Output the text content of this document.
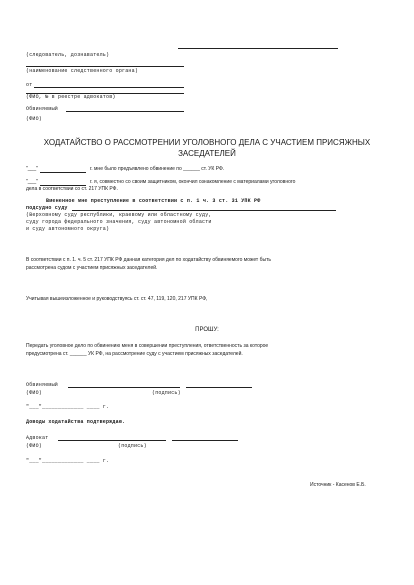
(следователь, дознаватель)
(наименование следственного органа)
от
(ФИО, № в реестре адвокатов)
Обвиняемый
(ФИО)
ХОДАТАЙСТВО О РАССМОТРЕНИИ УГОЛОВНОГО ДЕЛА С УЧАСТИЕМ ПРИСЯЖНЫХ
ЗАСЕДАТЕЛЕЙ
"___"	г. мне было предъявлено обвинение по ______ ст. УК РФ.
"___"	г. я, совместно со своим защитником, окончил ознакомление с материалами уголовного
дела в соответствии со ст. 217 УПК РФ.
Вмененное мне преступление в соответствии с п. 1 ч. 3 ст. 31 УПК РФ
подсудно суду
(Верховному суду республики, краевому или областному суду,
суду города федерального значения, суду автономной области
и суду автономного округа)
В соответствии с п. 1. ч. 5 ст. 217 УПК РФ данная категория дел по ходатайству обвиняемого может быть
рассмотрена судом с участием присяжных заседателей.
Учитывая вышеизложенное и руководствуясь ст. ст. 47, 119, 120, 217 УПК РФ,
ПРОШУ:
Передать уголовное дело по обвинению меня в совершении преступления, ответственность за которое
предусмотрена ст. ______ УК РФ, на рассмотрение суду с участием присяжных заседателей.
Обвиняемый
(ФИО)	(подпись)
"___"_____________ ____ г.
Доводы ходатайства подтверждаю.
Адвокат
(ФИО)	(подпись)
"___"_____________ ____ г.
Источник - Касенов Е.Б.
